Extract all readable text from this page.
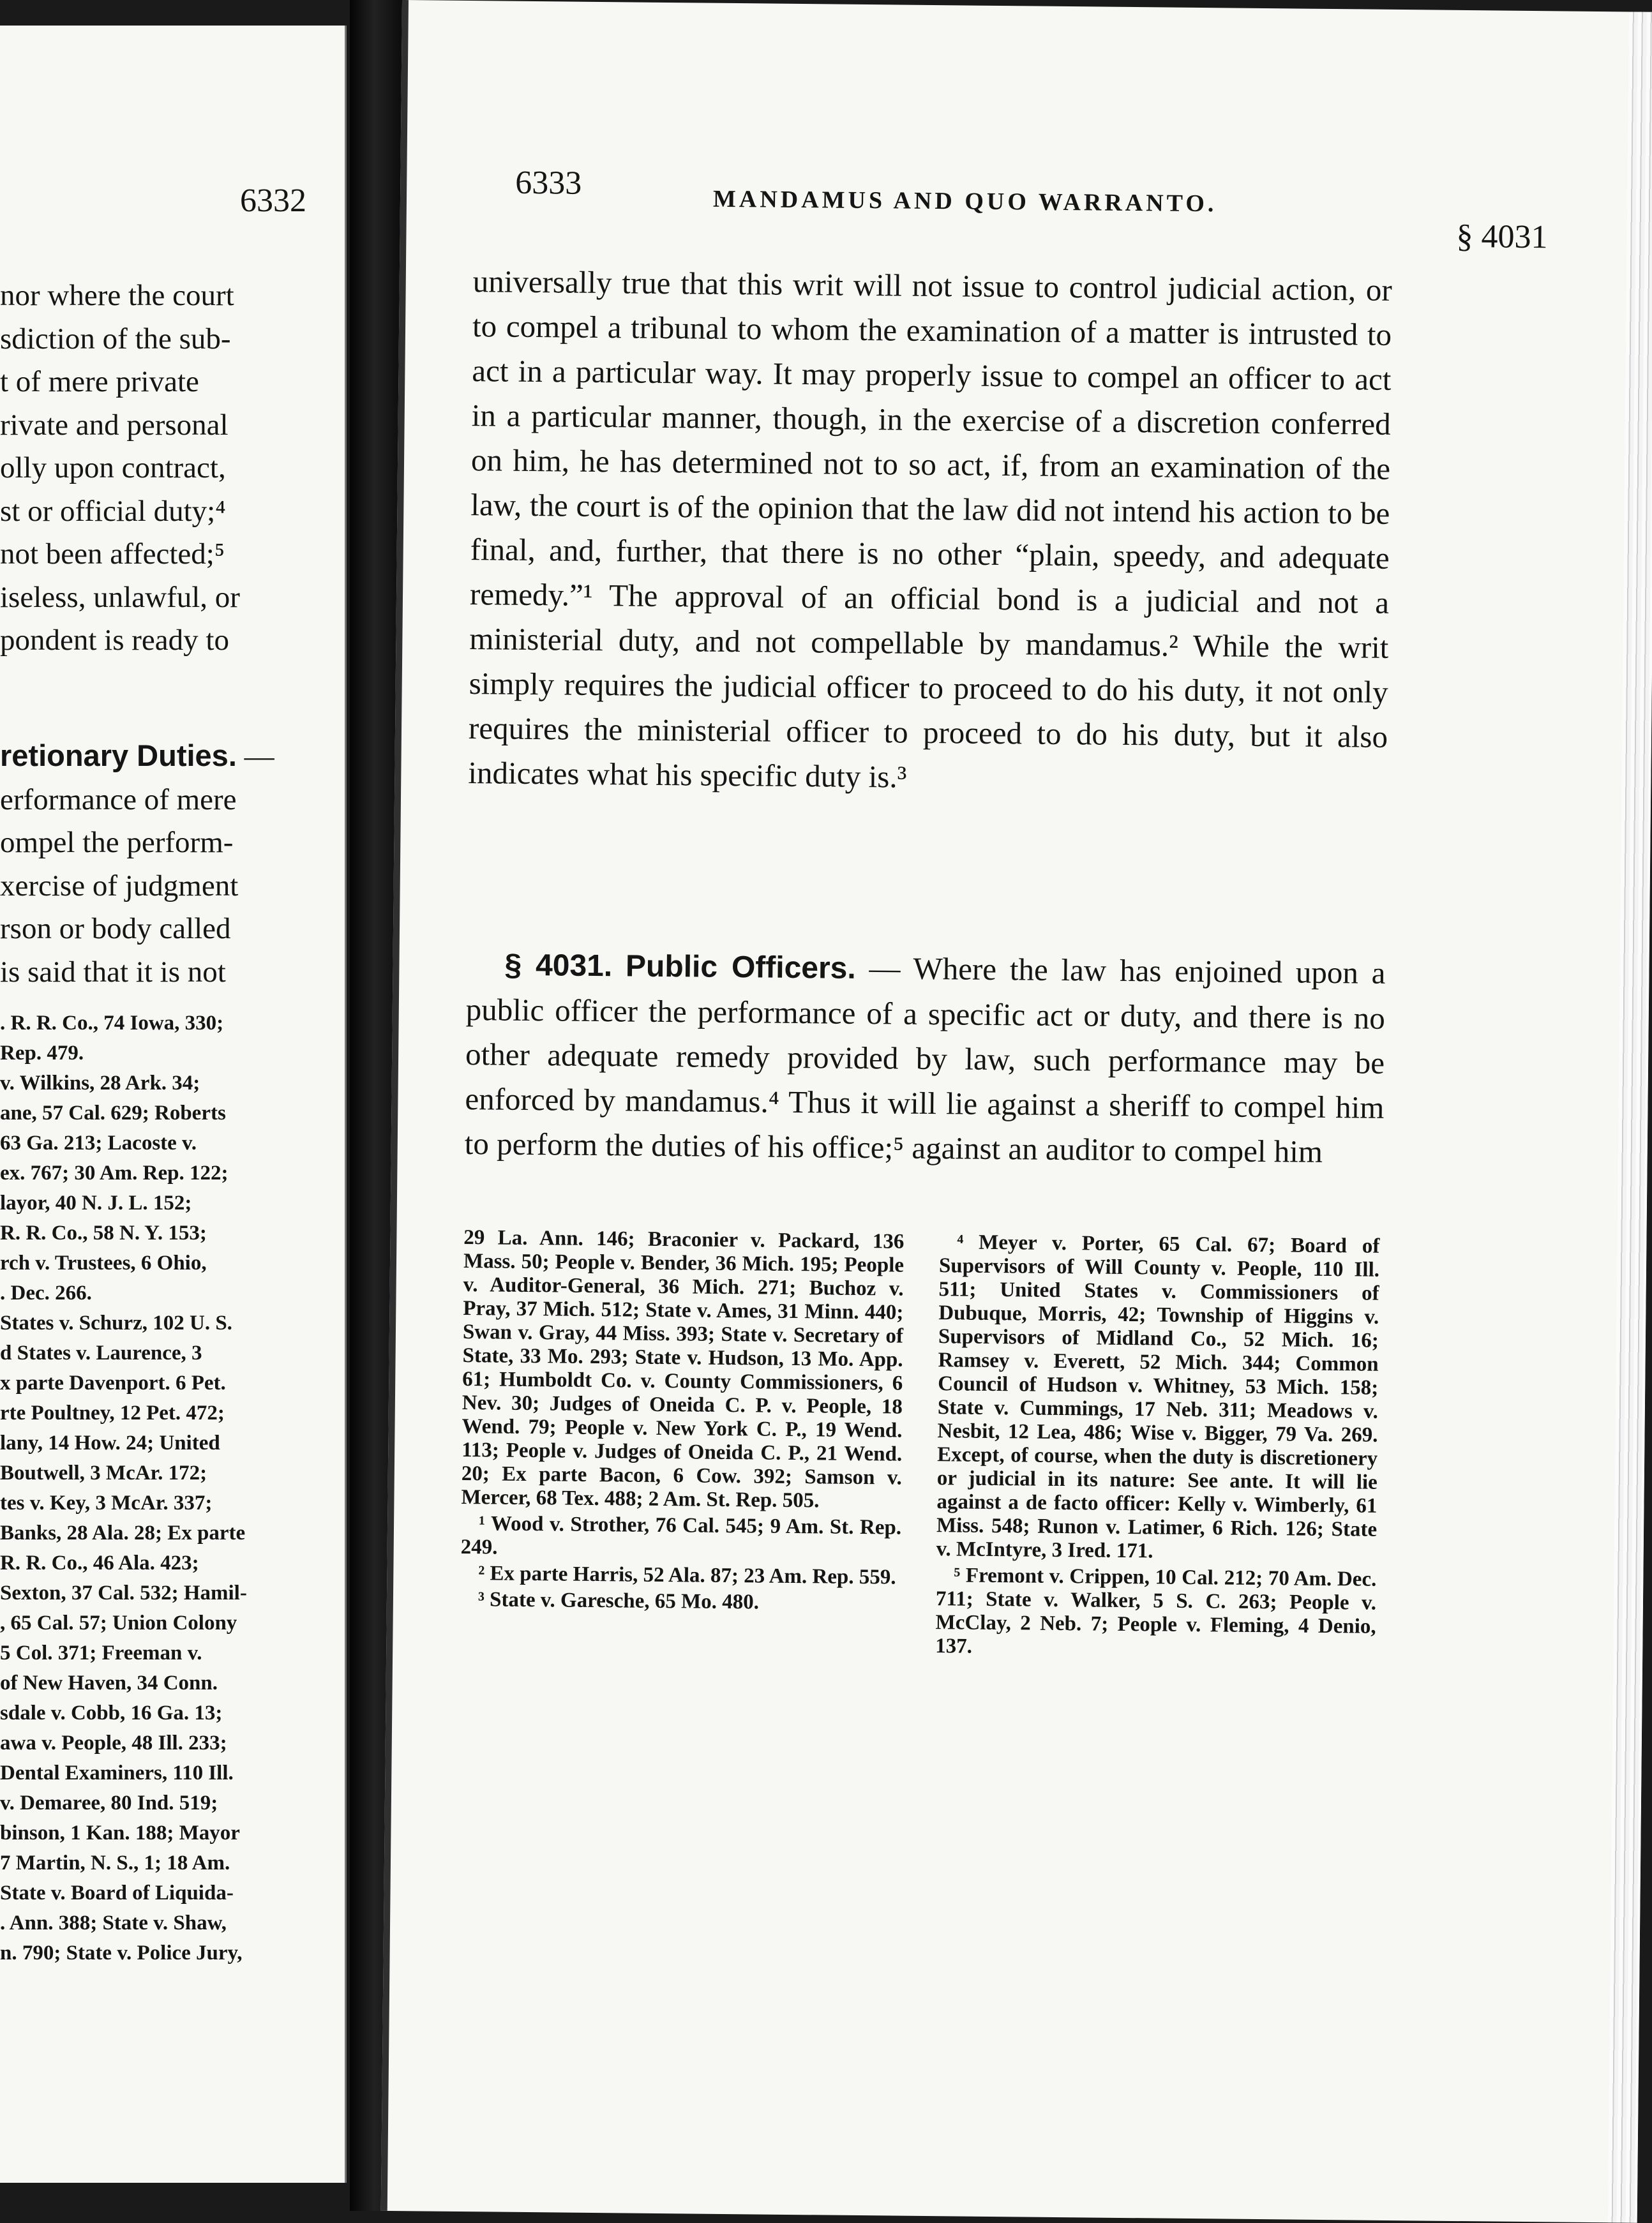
6332

nor where the court

sdiction of the sub-

t of mere private

rivate and personal

olly upon contract,

st or official duty;⁴

not been affected;⁵

iseless, unlawful, or

pondent is ready to

retionary Duties. —

erformance of mere

ompel the perform-

xercise of judgment

rson or body called

is said that it is not

. R. R. Co., 74 Iowa, 330;

Rep. 479.

v. Wilkins, 28 Ark. 34;

ane, 57 Cal. 629; Roberts

63 Ga. 213; Lacoste v.

ex. 767; 30 Am. Rep. 122;

layor, 40 N. J. L. 152;

R. R. Co., 58 N. Y. 153;

rch v. Trustees, 6 Ohio,

. Dec. 266.

States v. Schurz, 102 U. S.

d States v. Laurence, 3

x parte Davenport. 6 Pet.

rte Poultney, 12 Pet. 472;

lany, 14 How. 24; United

Boutwell, 3 McAr. 172;

tes v. Key, 3 McAr. 337;

Banks, 28 Ala. 28; Ex parte

R. R. Co., 46 Ala. 423;

Sexton, 37 Cal. 532; Hamil-

, 65 Cal. 57; Union Colony

5 Col. 371; Freeman v.

of New Haven, 34 Conn.

sdale v. Cobb, 16 Ga. 13;

awa v. People, 48 Ill. 233;

Dental Examiners, 110 Ill.

v. Demaree, 80 Ind. 519;

binson, 1 Kan. 188; Mayor

7 Martin, N. S., 1; 18 Am.

State v. Board of Liquida-

. Ann. 388; State v. Shaw,

n. 790; State v. Police Jury,

6333	MANDAMUS AND QUO WARRANTO.
§ 4031

universally true that this writ will not issue to control judicial action, or to compel a tribunal to whom the examination of a matter is intrusted to act in a particular way. It may properly issue to compel an officer to act in a particular manner, though, in the exercise of a discretion conferred on him, he has determined not to so act, if, from an examination of the law, the court is of the opinion that the law did not intend his action to be final, and, further, that there is no other “plain, speedy, and adequate remedy.”¹ The approval of an official bond is a judicial and not a ministerial duty, and not compellable by mandamus.² While the writ simply requires the judicial officer to proceed to do his duty, it not only requires the ministerial officer to proceed to do his duty, but it also indicates what his specific duty is.³

§ 4031. Public Officers. — Where the law has enjoined upon a public officer the performance of a specific act or duty, and there is no other adequate remedy provided by law, such performance may be enforced by mandamus.⁴ Thus it will lie against a sheriff to compel him to perform the duties of his office;⁵ against an auditor to compel him

29 La. Ann. 146; Braconier v. Packard, 136 Mass. 50; People v. Bender, 36 Mich. 195; People v. Auditor-General, 36 Mich. 271; Buchoz v. Pray, 37 Mich. 512; State v. Ames, 31 Minn. 440; Swan v. Gray, 44 Miss. 393; State v. Secretary of State, 33 Mo. 293; State v. Hudson, 13 Mo. App. 61; Humboldt Co. v. County Commissioners, 6 Nev. 30; Judges of Oneida C. P. v. People, 18 Wend. 79; People v. New York C. P., 19 Wend. 113; People v. Judges of Oneida C. P., 21 Wend. 20; Ex parte Bacon, 6 Cow. 392; Samson v. Mercer, 68 Tex. 488; 2 Am. St. Rep. 505.

¹ Wood v. Strother, 76 Cal. 545; 9 Am. St. Rep. 249.

² Ex parte Harris, 52 Ala. 87; 23 Am. Rep. 559.

³ State v. Garesche, 65 Mo. 480.

⁴ Meyer v. Porter, 65 Cal. 67; Board of Supervisors of Will County v. People, 110 Ill. 511; United States v. Commissioners of Dubuque, Morris, 42; Township of Higgins v. Supervisors of Midland Co., 52 Mich. 16; Ramsey v. Everett, 52 Mich. 344; Common Council of Hudson v. Whitney, 53 Mich. 158; State v. Cummings, 17 Neb. 311; Meadows v. Nesbit, 12 Lea, 486; Wise v. Bigger, 79 Va. 269. Except, of course, when the duty is discretionery or judicial in its nature: See ante. It will lie against a de facto officer: Kelly v. Wimberly, 61 Miss. 548; Runon v. Latimer, 6 Rich. 126; State v. McIntyre, 3 Ired. 171.

⁵ Fremont v. Crippen, 10 Cal. 212; 70 Am. Dec. 711; State v. Walker, 5 S. C. 263; People v. McClay, 2 Neb. 7; People v. Fleming, 4 Denio, 137.
